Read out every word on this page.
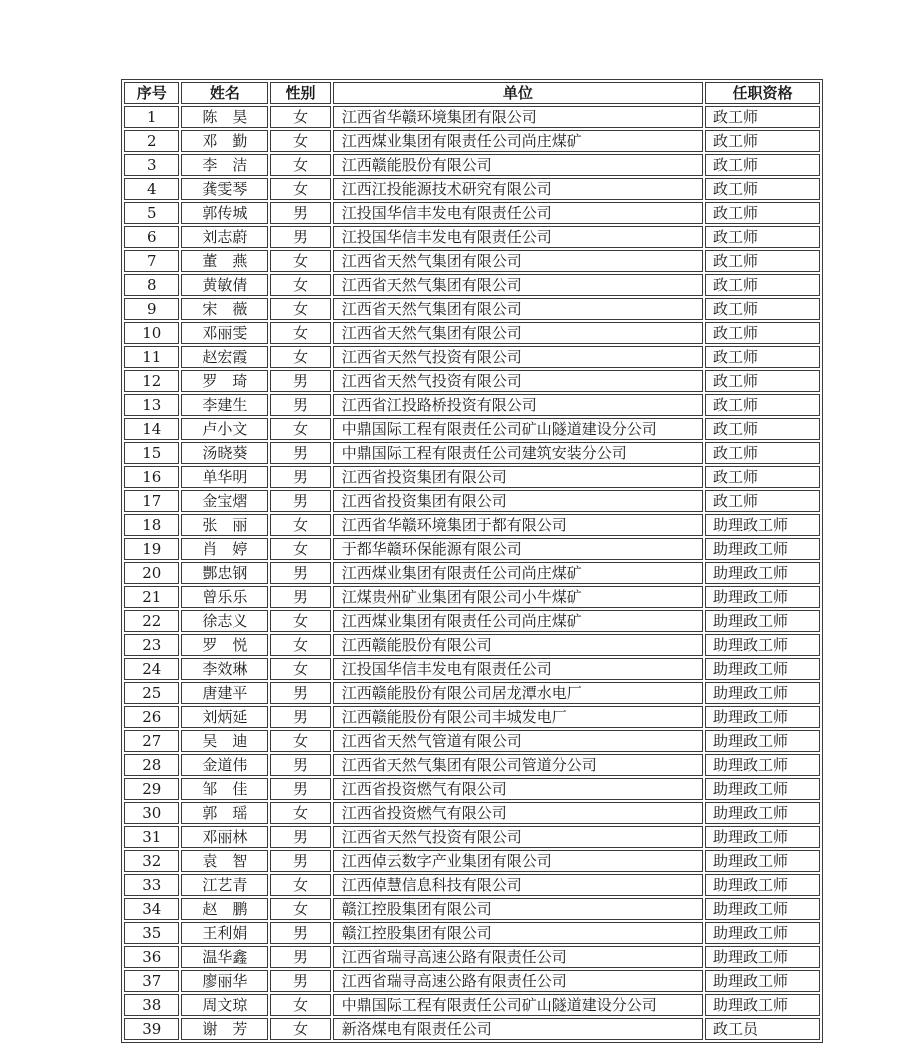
序号	姓名	性别	单位	任职资格
1	陈　昊	女	江西省华赣环境集团有限公司	政工师
2	邓　勤	女	江西煤业集团有限责任公司尚庄煤矿	政工师
3	李　洁	女	江西赣能股份有限公司	政工师
4	龚雯琴	女	江西江投能源技术研究有限公司	政工师
5	郭传城	男	江投国华信丰发电有限责任公司	政工师
6	刘志蔚	男	江投国华信丰发电有限责任公司	政工师
7	董　燕	女	江西省天然气集团有限公司	政工师
8	黄敏倩	女	江西省天然气集团有限公司	政工师
9	宋　薇	女	江西省天然气集团有限公司	政工师
10	邓丽雯	女	江西省天然气集团有限公司	政工师
11	赵宏霞	女	江西省天然气投资有限公司	政工师
12	罗　琦	男	江西省天然气投资有限公司	政工师
13	李建生	男	江西省江投路桥投资有限公司	政工师
14	卢小文	女	中鼎国际工程有限责任公司矿山隧道建设分公司	政工师
15	汤晓葵	男	中鼎国际工程有限责任公司建筑安装分公司	政工师
16	单华明	男	江西省投资集团有限公司	政工师
17	金宝熠	男	江西省投资集团有限公司	政工师
18	张　丽	女	江西省华赣环境集团于都有限公司	助理政工师
19	肖　婷	女	于都华赣环保能源有限公司	助理政工师
20	酆忠钢	男	江西煤业集团有限责任公司尚庄煤矿	助理政工师
21	曾乐乐	男	江煤贵州矿业集团有限公司小牛煤矿	助理政工师
22	徐志义	女	江西煤业集团有限责任公司尚庄煤矿	助理政工师
23	罗　悦	女	江西赣能股份有限公司	助理政工师
24	李效琳	女	江投国华信丰发电有限责任公司	助理政工师
25	唐建平	男	江西赣能股份有限公司居龙潭水电厂	助理政工师
26	刘炳延	男	江西赣能股份有限公司丰城发电厂	助理政工师
27	吴　迪	女	江西省天然气管道有限公司	助理政工师
28	金道伟	男	江西省天然气集团有限公司管道分公司	助理政工师
29	邹　佳	男	江西省投资燃气有限公司	助理政工师
30	郭　瑶	女	江西省投资燃气有限公司	助理政工师
31	邓丽林	男	江西省天然气投资有限公司	助理政工师
32	袁　智	男	江西倬云数字产业集团有限公司	助理政工师
33	江艺青	女	江西倬慧信息科技有限公司	助理政工师
34	赵　鹏	女	赣江控股集团有限公司	助理政工师
35	王利娟	男	赣江控股集团有限公司	助理政工师
36	温华鑫	男	江西省瑞寻高速公路有限责任公司	助理政工师
37	廖丽华	男	江西省瑞寻高速公路有限责任公司	助理政工师
38	周文琼	女	中鼎国际工程有限责任公司矿山隧道建设分公司	助理政工师
39	谢　芳	女	新洛煤电有限责任公司	政工员
